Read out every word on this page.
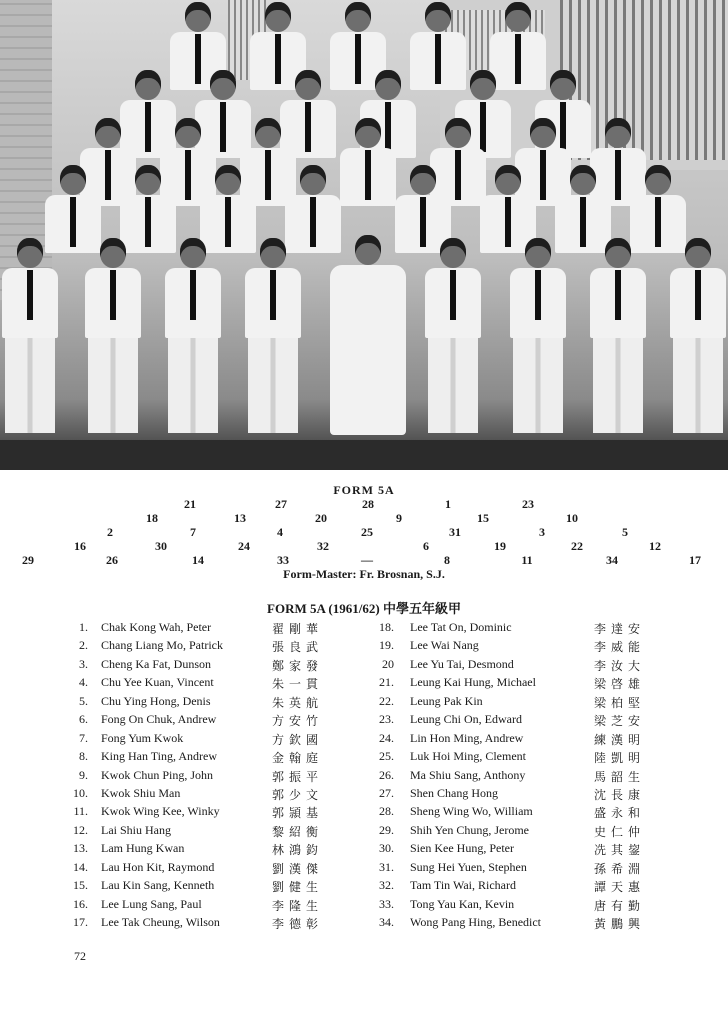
FORM 5A
21	27	28	1	23
18	13	20	9	15	10
2	7	4	25	31	3	5
16	30	24	32	6	19	22	12
29	26	14	33	—	8	11	34	17
Form-Master: Fr. Brosnan, S.J.
FORM 5A (1961/62) 中學五年級甲
1. Chak Kong Wah, Peter	翟剛華
2. Chang Liang Mo, Patrick	張良武
3. Cheng Ka Fat, Dunson	鄭家發
4. Chu Yee Kuan, Vincent	朱一貫
5. Chu Ying Hong, Denis	朱英航
6. Fong On Chuk, Andrew	方安竹
7. Fong Yum Kwok	方欽國
8. King Han Ting, Andrew	金翰庭
9. Kwok Chun Ping, John	郭振平
10. Kwok Shiu Man	郭少文
11. Kwok Wing Kee, Winky	郭頴基
12. Lai Shiu Hang	黎紹衡
13. Lam Hung Kwan	林鴻鈞
14. Lau Hon Kit, Raymond	劉漢傑
15. Lau Kin Sang, Kenneth	劉健生
16. Lee Lung Sang, Paul	李隆生
17. Lee Tak Cheung, Wilson	李德彰
18. Lee Tat On, Dominic	李達安
19. Lee Wai Nang	李威能
20 Lee Yu Tai, Desmond	李汝大
21. Leung Kai Hung, Michael	梁啓雄
22. Leung Pak Kin	梁柏堅
23. Leung Chi On, Edward	梁芝安
24. Lin Hon Ming, Andrew	練漢明
25. Luk Hoi Ming, Clement	陸凱明
26. Ma Shiu Sang, Anthony	馬韶生
27. Shen Chang Hong	沈長康
28. Sheng Wing Wo, William	盛永和
29. Shih Yen Chung, Jerome	史仁仲
30. Sien Kee Hung, Peter	冼其鋆
31. Sung Hei Yuen, Stephen	孫希淵
32. Tam Tin Wai, Richard	譚天惠
33. Tong Yau Kan, Kevin	唐有勤
34. Wong Pang Hing, Benedict	黃鵬興
72
